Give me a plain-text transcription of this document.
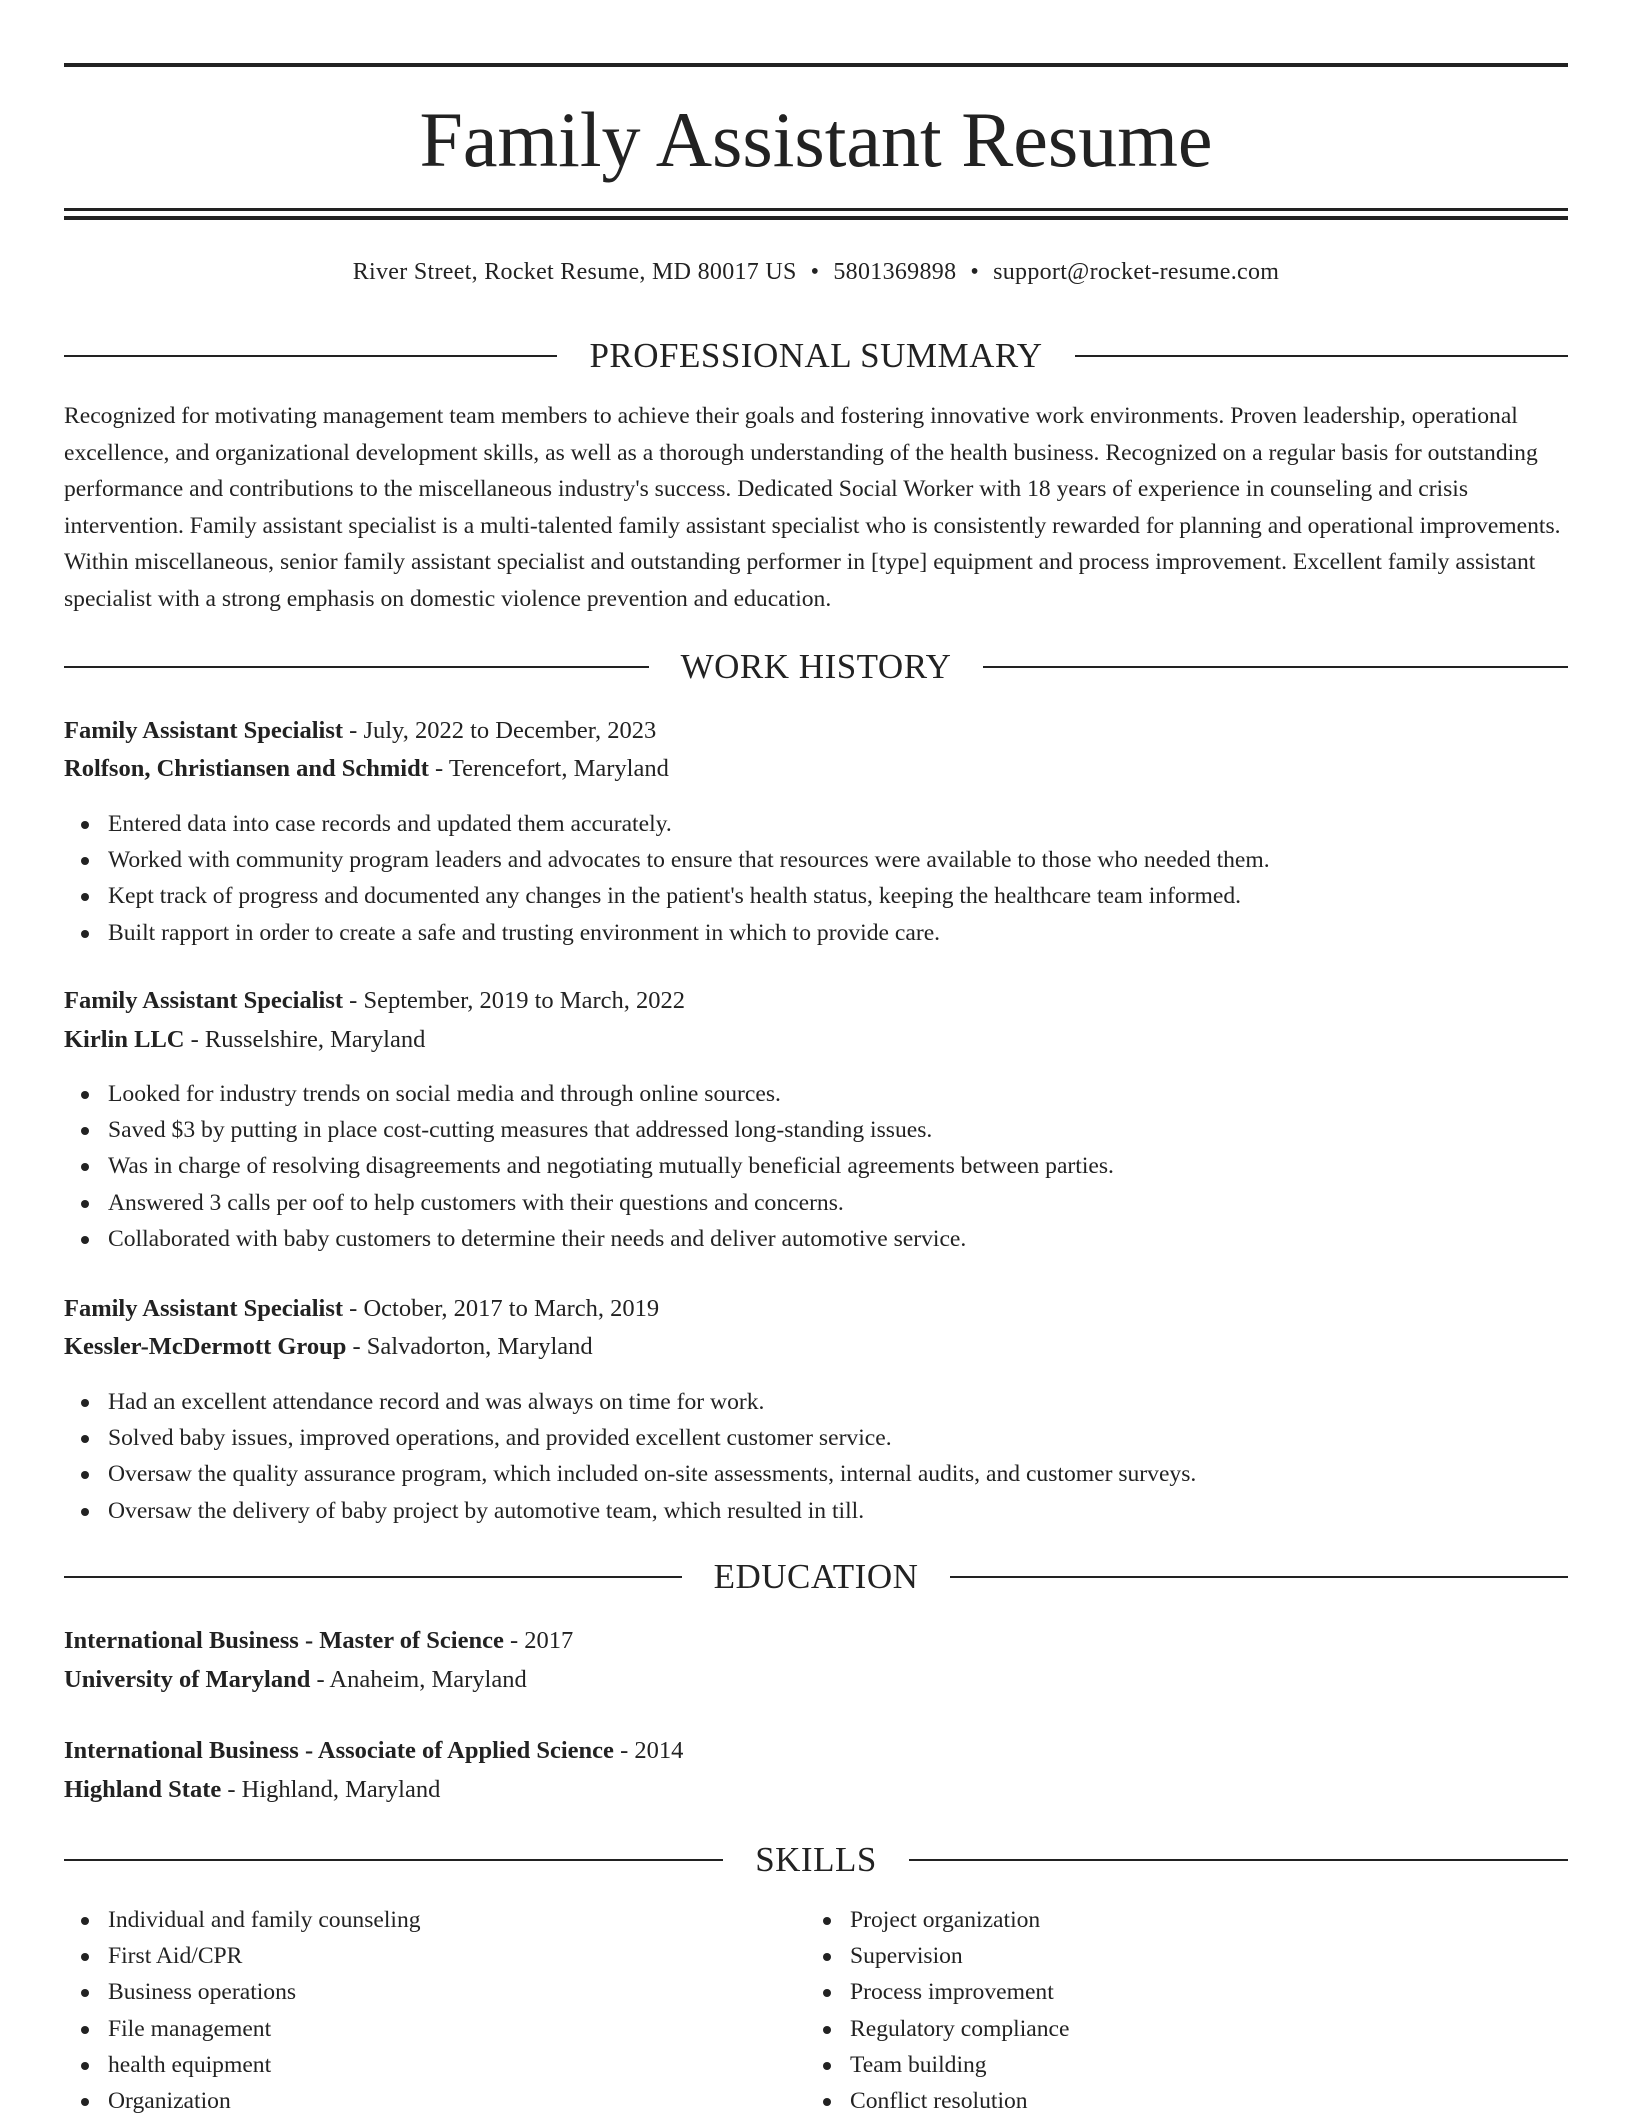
Family Assistant Resume
River Street, Rocket Resume, MD 80017 US • 5801369898 • support@rocket-resume.com
PROFESSIONAL SUMMARY

Recognized for motivating management team members to achieve their goals and fostering innovative work environments. Proven leadership, operational excellence, and organizational development skills, as well as a thorough understanding of the health business. Recognized on a regular basis for outstanding performance and contributions to the miscellaneous industry's success. Dedicated Social Worker with 18 years of experience in counseling and crisis intervention. Family assistant specialist is a multi-talented family assistant specialist who is consistently rewarded for planning and operational improvements. Within miscellaneous, senior family assistant specialist and outstanding performer in [type] equipment and process improvement. Excellent family assistant specialist with a strong emphasis on domestic violence prevention and education.

WORK HISTORY
Family Assistant Specialist - July, 2022 to December, 2023
Rolfson, Christiansen and Schmidt - Terencefort, Maryland
Entered data into case records and updated them accurately.
Worked with community program leaders and advocates to ensure that resources were available to those who needed them.
Kept track of progress and documented any changes in the patient's health status, keeping the healthcare team informed.
Built rapport in order to create a safe and trusting environment in which to provide care.
Family Assistant Specialist - September, 2019 to March, 2022
Kirlin LLC - Russelshire, Maryland
Looked for industry trends on social media and through online sources.
Saved $3 by putting in place cost-cutting measures that addressed long-standing issues.
Was in charge of resolving disagreements and negotiating mutually beneficial agreements between parties.
Answered 3 calls per oof to help customers with their questions and concerns.
Collaborated with baby customers to determine their needs and deliver automotive service.
Family Assistant Specialist - October, 2017 to March, 2019
Kessler-McDermott Group - Salvadorton, Maryland
Had an excellent attendance record and was always on time for work.
Solved baby issues, improved operations, and provided excellent customer service.
Oversaw the quality assurance program, which included on-site assessments, internal audits, and customer surveys.
Oversaw the delivery of baby project by automotive team, which resulted in till.
EDUCATION
International Business - Master of Science - 2017
University of Maryland - Anaheim, Maryland
International Business - Associate of Applied Science - 2014
Highland State - Highland, Maryland
SKILLS
Individual and family counseling
First Aid/CPR
Business operations
File management
health equipment
Organization
Project organization
Supervision
Process improvement
Regulatory compliance
Team building
Conflict resolution
